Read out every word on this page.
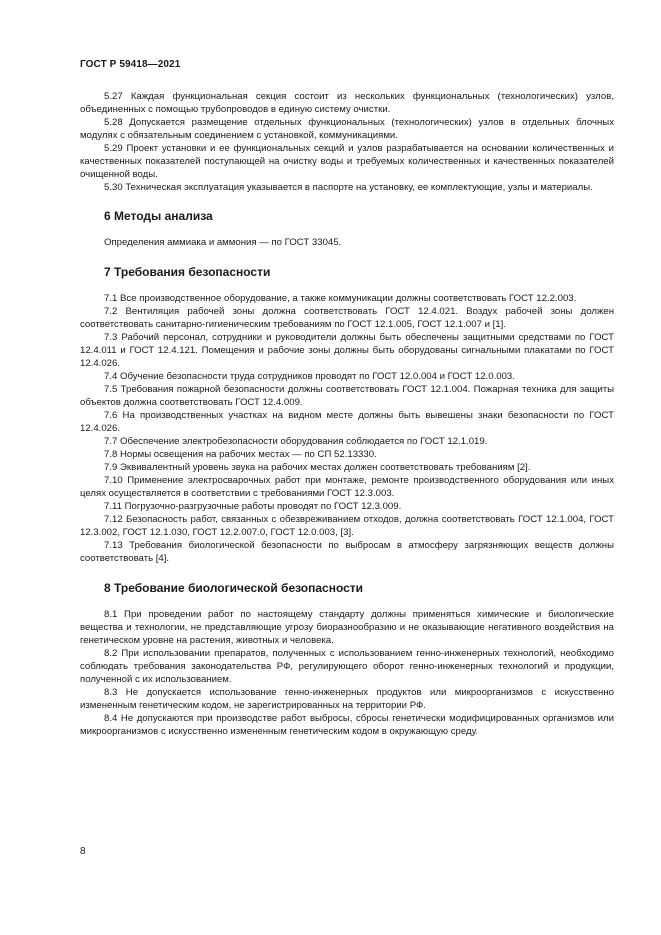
ГОСТ Р 59418—2021

5.27 Каждая функциональная секция состоит из нескольких функциональных (технологических) узлов, объединенных с помощью трубопроводов в единую систему очистки.

5.28 Допускается размещение отдельных функциональных (технологических) узлов в отдельных блочных модулях с обязательным соединением с установкой, коммуникациями.

5.29 Проект установки и ее функциональных секций и узлов разрабатывается на основании количественных и качественных показателей поступающей на очистку воды и требуемых количественных и качественных показателей очищенной воды.

5.30 Техническая эксплуатация указывается в паспорте на установку, ее комплектующие, узлы и материалы.

6 Методы анализа

Определения аммиака и аммония — по ГОСТ 33045.

7 Требования безопасности

7.1 Все производственное оборудование, а также коммуникации должны соответствовать ГОСТ 12.2.003.

7.2 Вентиляция рабочей зоны должна соответствовать ГОСТ 12.4.021. Воздух рабочей зоны должен соответствовать санитарно-гигиеническим требованиям по ГОСТ 12.1.005, ГОСТ 12.1.007 и [1].

7.3 Рабочий персонал, сотрудники и руководители должны быть обеспечены защитными средствами по ГОСТ 12.4.011 и ГОСТ 12.4.121. Помещения и рабочие зоны должны быть оборудованы сигнальными плакатами по ГОСТ 12.4.026.

7.4 Обучение безопасности труда сотрудников проводят по ГОСТ 12.0.004 и ГОСТ 12.0.003.

7.5 Требования пожарной безопасности должны соответствовать ГОСТ 12.1.004. Пожарная техника для защиты объектов должна соответствовать ГОСТ 12.4.009.

7.6 На производственных участках на видном месте должны быть вывешены знаки безопасности по ГОСТ 12.4.026.

7.7 Обеспечение электробезопасности оборудования соблюдается по ГОСТ 12.1.019.

7.8 Нормы освещения на рабочих местах — по СП 52.13330.

7.9 Эквивалентный уровень звука на рабочих местах должен соответствовать требованиям [2].

7.10 Применение электросварочных работ при монтаже, ремонте производственного оборудования или иных целях осуществляется в соответствии с требованиями ГОСТ 12.3.003.

7.11 Погрузочно-разгрузочные работы проводят по ГОСТ 12.3.009.

7.12 Безопасность работ, связанных с обезвреживанием отходов, должна соответствовать ГОСТ 12.1.004, ГОСТ 12.3.002, ГОСТ 12.1.030, ГОСТ 12.2.007.0, ГОСТ 12.0.003, [3].

7.13 Требования биологической безопасности по выбросам в атмосферу загрязняющих веществ должны соответствовать [4].

8 Требование биологической безопасности

8.1 При проведении работ по настоящему стандарту должны применяться химические и биологические вещества и технологии, не представляющие угрозу биоразнообразию и не оказывающие негативного воздействия на генетическом уровне на растения, животных и человека.

8.2 При использовании препаратов, полученных с использованием генно-инженерных технологий, необходимо соблюдать требования законодательства РФ, регулирующего оборот генно-инженерных технологий и продукции, полученной с их использованием.

8.3 Не допускается использование генно-инженерных продуктов или микроорганизмов с искусственно измененным генетическим кодом, не зарегистрированных на территории РФ.

8.4 Не допускаются при производстве работ выбросы, сбросы генетически модифицированных организмов или микроорганизмов с искусственно измененным генетическим кодом в окружающую среду.

8
